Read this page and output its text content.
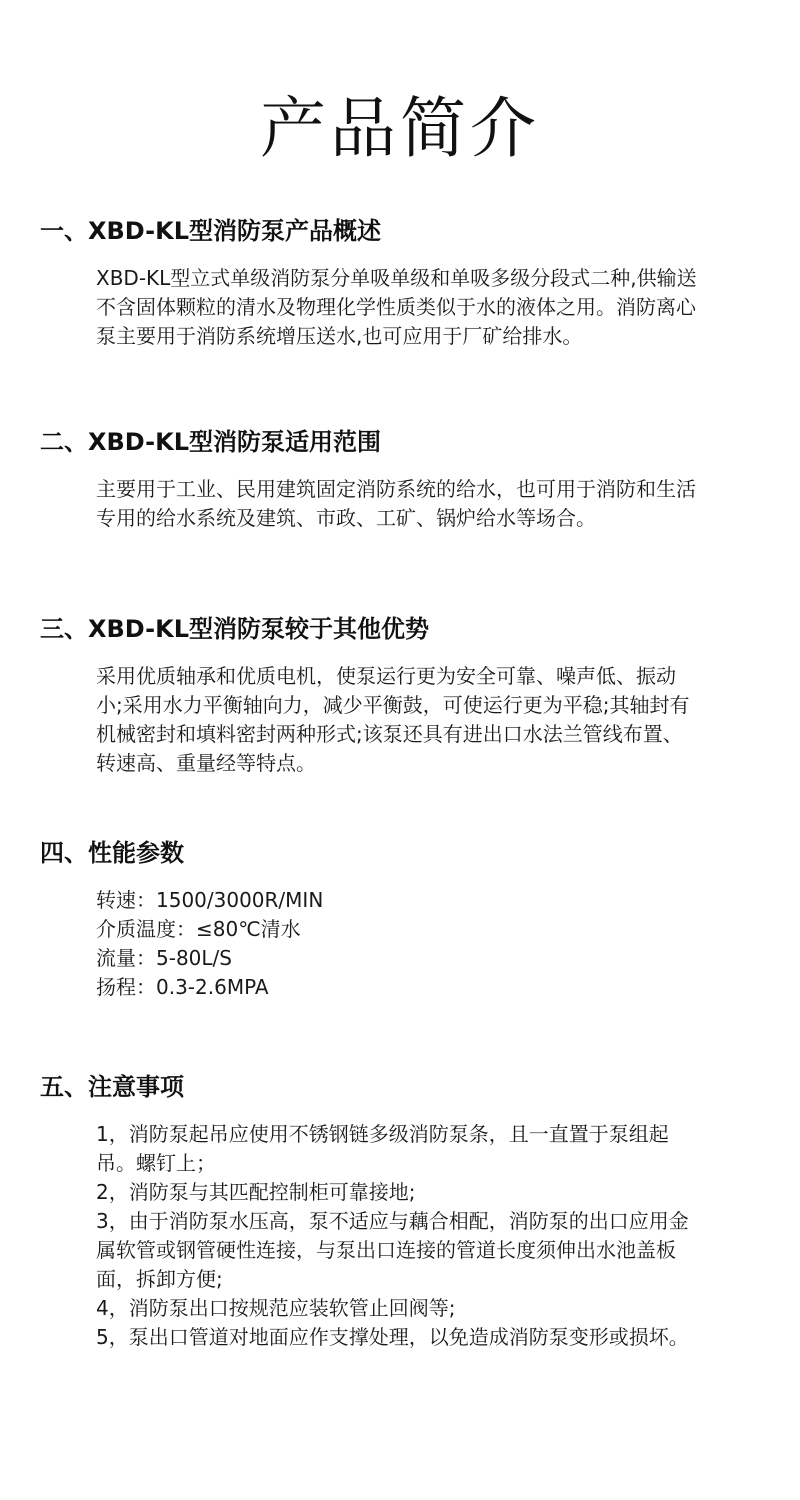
产品简介
一、XBD-KL型消防泵产品概述

XBD-KL型立式单级消防泵分单吸单级和单吸多级分段式二种,供输送
不含固体颗粒的清水及物理化学性质类似于水的液体之用。消防离心
泵主要用于消防系统增压送水,也可应用于厂矿给排水。

二、XBD-KL型消防泵适用范围

主要用于工业、民用建筑固定消防系统的给水，也可用于消防和生活
专用的给水系统及建筑、市政、工矿、锅炉给水等场合。

三、XBD-KL型消防泵较于其他优势

采用优质轴承和优质电机，使泵运行更为安全可靠、噪声低、振动
小;采用水力平衡轴向力，减少平衡鼓，可使运行更为平稳;其轴封有
机械密封和填料密封两种形式;该泵还具有进出口水法兰管线布置、
转速高、重量经等特点。

四、性能参数

转速：1500/3000R/MIN
介质温度：≤80℃清水
流量：5-80L/S
扬程：0.3-2.6MPA

五、注意事项

1，消防泵起吊应使用不锈钢链多级消防泵条，且一直置于泵组起
吊。螺钉上；
2，消防泵与其匹配控制柜可靠接地;
3，由于消防泵水压高，泵不适应与藕合相配，消防泵的出口应用金
属软管或钢管硬性连接，与泵出口连接的管道长度须伸出水池盖板
面，拆卸方便;
4，消防泵出口按规范应装软管止回阀等;
5，泵出口管道对地面应作支撑处理，以免造成消防泵变形或损坏。
